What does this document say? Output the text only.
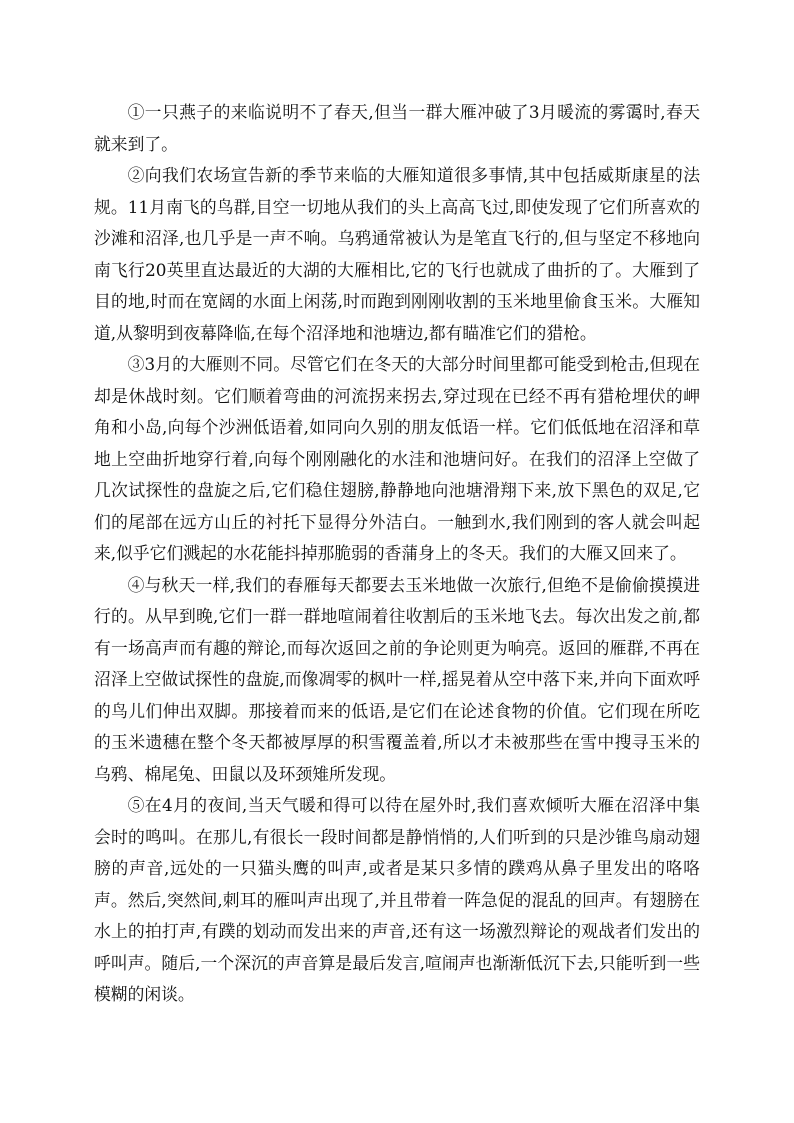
①一只燕子的来临说明不了春天,但当一群大雁冲破了3月暖流的雾霭时,春天就来到了。

②向我们农场宣告新的季节来临的大雁知道很多事情,其中包括威斯康星的法规。11月南飞的鸟群,目空一切地从我们的头上高高飞过,即使发现了它们所喜欢的沙滩和沼泽,也几乎是一声不响。乌鸦通常被认为是笔直飞行的,但与坚定不移地向南飞行20英里直达最近的大湖的大雁相比,它的飞行也就成了曲折的了。大雁到了目的地,时而在宽阔的水面上闲荡,时而跑到刚刚收割的玉米地里偷食玉米。大雁知道,从黎明到夜幕降临,在每个沼泽地和池塘边,都有瞄准它们的猎枪。

③3月的大雁则不同。尽管它们在冬天的大部分时间里都可能受到枪击,但现在却是休战时刻。它们顺着弯曲的河流拐来拐去,穿过现在已经不再有猎枪埋伏的岬角和小岛,向每个沙洲低语着,如同向久别的朋友低语一样。它们低低地在沼泽和草地上空曲折地穿行着,向每个刚刚融化的水洼和池塘问好。在我们的沼泽上空做了几次试探性的盘旋之后,它们稳住翅膀,静静地向池塘滑翔下来,放下黑色的双足,它们的尾部在远方山丘的衬托下显得分外洁白。一触到水,我们刚到的客人就会叫起来,似乎它们溅起的水花能抖掉那脆弱的香蒲身上的冬天。我们的大雁又回来了。

④与秋天一样,我们的春雁每天都要去玉米地做一次旅行,但绝不是偷偷摸摸进行的。从早到晚,它们一群一群地喧闹着往收割后的玉米地飞去。每次出发之前,都有一场高声而有趣的辩论,而每次返回之前的争论则更为响亮。返回的雁群,不再在沼泽上空做试探性的盘旋,而像凋零的枫叶一样,摇晃着从空中落下来,并向下面欢呼的鸟儿们伸出双脚。那接着而来的低语,是它们在论述食物的价值。它们现在所吃的玉米遗穗在整个冬天都被厚厚的积雪覆盖着,所以才未被那些在雪中搜寻玉米的乌鸦、棉尾兔、田鼠以及环颈雉所发现。

⑤在4月的夜间,当天气暖和得可以待在屋外时,我们喜欢倾听大雁在沼泽中集会时的鸣叫。在那儿,有很长一段时间都是静悄悄的,人们听到的只是沙锥鸟扇动翅膀的声音,远处的一只猫头鹰的叫声,或者是某只多情的蹼鸡从鼻子里发出的咯咯声。然后,突然间,刺耳的雁叫声出现了,并且带着一阵急促的混乱的回声。有翅膀在水上的拍打声,有蹼的划动而发出来的声音,还有这一场激烈辩论的观战者们发出的呼叫声。随后,一个深沉的声音算是最后发言,喧闹声也渐渐低沉下去,只能听到一些模糊的闲谈。
